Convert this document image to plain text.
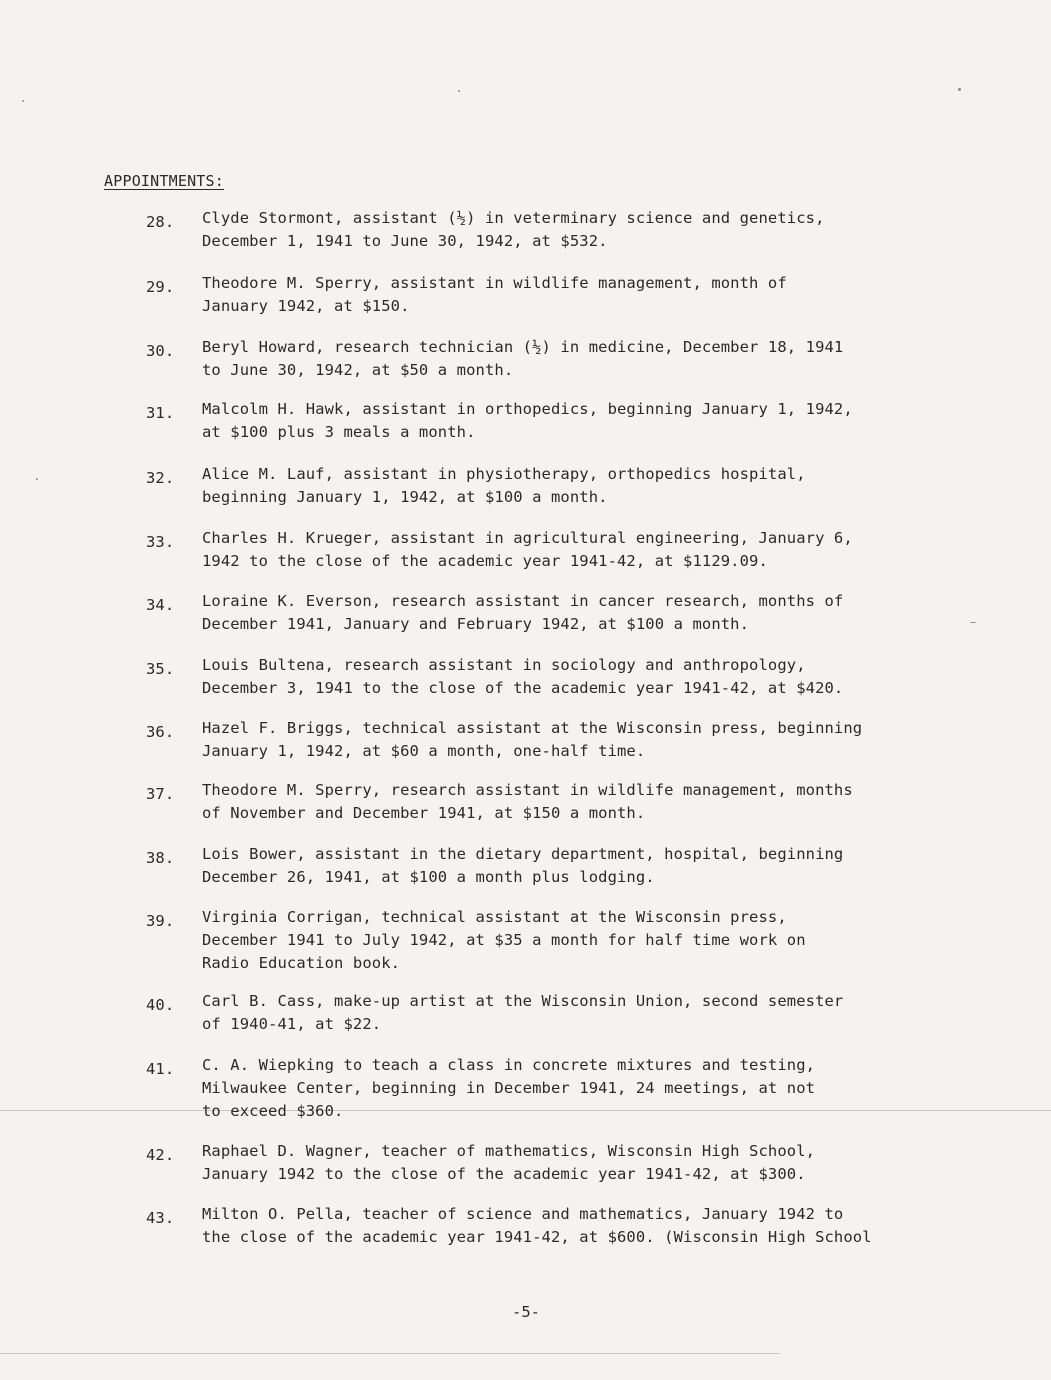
APPOINTMENTS:
28.	Clyde Stormont, assistant (½) in veterminary science and genetics,
December 1, 1941 to June 30, 1942, at $532.
29.	Theodore M. Sperry, assistant in wildlife management, month of
January 1942, at $150.
30.	Beryl Howard, research technician (½) in medicine, December 18, 1941
to June 30, 1942, at $50 a month.
31.	Malcolm H. Hawk, assistant in orthopedics, beginning January 1, 1942,
at $100 plus 3 meals a month.
32.	Alice M. Lauf, assistant in physiotherapy, orthopedics hospital,
beginning January 1, 1942, at $100 a month.
33.	Charles H. Krueger, assistant in agricultural engineering, January 6,
1942 to the close of the academic year 1941-42, at $1129.09.
34.	Loraine K. Everson, research assistant in cancer research, months of
December 1941, January and February 1942, at $100 a month.
35.	Louis Bultena, research assistant in sociology and anthropology,
December 3, 1941 to the close of the academic year 1941-42, at $420.
36.	Hazel F. Briggs, technical assistant at the Wisconsin press, beginning
January 1, 1942, at $60 a month, one-half time.
37.	Theodore M. Sperry, research assistant in wildlife management, months
of November and December 1941, at $150 a month.
38.	Lois Bower, assistant in the dietary department, hospital, beginning
December 26, 1941, at $100 a month plus lodging.
39.	Virginia Corrigan, technical assistant at the Wisconsin press,
December 1941 to July 1942, at $35 a month for half time work on
Radio Education book.
40.	Carl B. Cass, make-up artist at the Wisconsin Union, second semester
of 1940-41, at $22.
41.	C. A. Wiepking to teach a class in concrete mixtures and testing,
Milwaukee Center, beginning in December 1941, 24 meetings, at not
to exceed $360.
42.	Raphael D. Wagner, teacher of mathematics, Wisconsin High School,
January 1942 to the close of the academic year 1941-42, at $300.
43.	Milton O. Pella, teacher of science and mathematics, January 1942 to
the close of the academic year 1941-42, at $600. (Wisconsin High School
-5-
